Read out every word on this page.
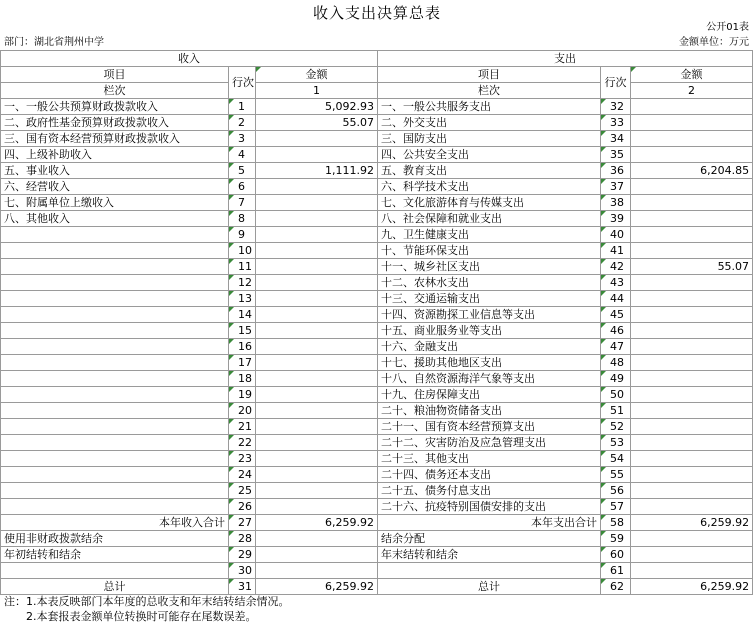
收入支出决算总表
公开01表
部门：湖北省荆州中学	金额单位：万元
收入			支出		
项目	行次	金额	项目	行次	金额
栏次		1	栏次		2
一、一般公共预算财政拨款收入	1	5,092.93	一、一般公共服务支出	32	
二、政府性基金预算财政拨款收入	2	55.07	二、外交支出	33	
三、国有资本经营预算财政拨款收入	3		三、国防支出	34	
四、上级补助收入	4		四、公共安全支出	35	
五、事业收入	5	1,111.92	五、教育支出	36	6,204.85
六、经营收入	6		六、科学技术支出	37	
七、附属单位上缴收入	7		七、文化旅游体育与传媒支出	38	
八、其他收入	8		八、社会保障和就业支出	39	
	9		九、卫生健康支出	40	
	10		十、节能环保支出	41	
	11		十一、城乡社区支出	42	55.07
	12		十二、农林水支出	43	
	13		十三、交通运输支出	44	
	14		十四、资源勘探工业信息等支出	45	
	15		十五、商业服务业等支出	46	
	16		十六、金融支出	47	
	17		十七、援助其他地区支出	48	
	18		十八、自然资源海洋气象等支出	49	
	19		十九、住房保障支出	50	
	20		二十、粮油物资储备支出	51	
	21		二十一、国有资本经营预算支出	52	
	22		二十二、灾害防治及应急管理支出	53	
	23		二十三、其他支出	54	
	24		二十四、债务还本支出	55	
	25		二十五、债务付息支出	56	
	26		二十六、抗疫特别国债安排的支出	57	
本年收入合计	27	6,259.92	本年支出合计	58	6,259.92
使用非财政拨款结余	28		结余分配	59	
年初结转和结余	29		年末结转和结余	60	
	30			61	
总计	31	6,259.92	总计	62	6,259.92
注：1.本表反映部门本年度的总收支和年末结转结余情况。
2.本套报表金额单位转换时可能存在尾数误差。
